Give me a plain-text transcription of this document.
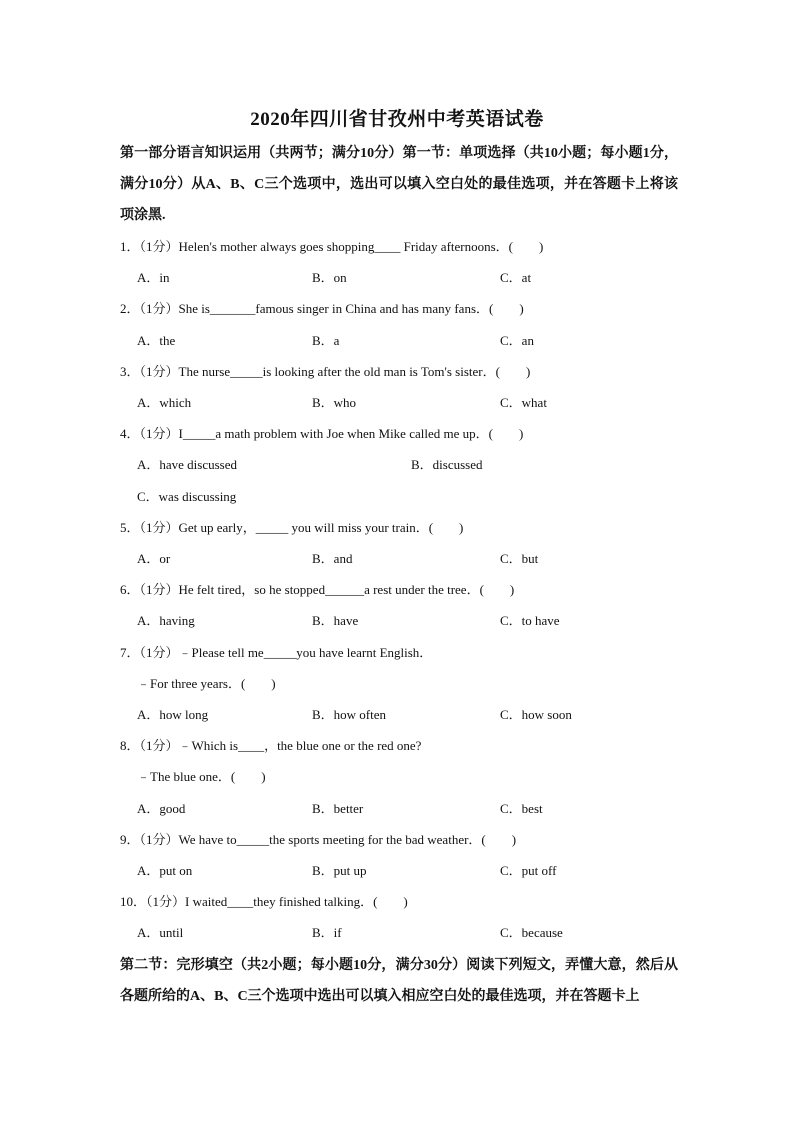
2020年四川省甘孜州中考英语试卷
第一部分语言知识运用（共两节；满分10分）第一节：单项选择（共10小题；每小题1分，满分10分）从A、B、C三个选项中，选出可以填入空白处的最佳选项，并在答题卡上将该项涂黑.
1．（1分）Helen's mother always goes shopping____ Friday afternoons．(　　)
A．in	B．on	C．at
2．（1分）She is_______famous singer in China and has many fans．(　　)
A．the	B．a	C．an
3．（1分）The nurse_____is looking after the old man is Tom's sister．(　　)
A．which	B．who	C．what
4．（1分）I_____a math problem with Joe when Mike called me up．(　　)
A．have discussed	B．discussed
C．was discussing
5．（1分）Get up early，_____ you will miss your train．(　　)
A．or	B．and	C．but
6．（1分）He felt tired，so he stopped______a rest under the tree．(　　)
A．having	B．have	C．to have
7．（1分）﹣Please tell me_____you have learnt English．
﹣For three years．(　　)
A．how long	B．how often	C．how soon
8．（1分）﹣Which is____，the blue one or the red one?
﹣The blue one．(　　)
A．good	B．better	C．best
9．（1分）We have to_____the sports meeting for the bad weather．(　　)
A．put on	B．put up	C．put off
10．（1分）I waited____they finished talking．(　　)
A．until	B．if	C．because
第二节：完形填空（共2小题；每小题10分，满分30分）阅读下列短文，弄懂大意，然后从各题所给的A、B、C三个选项中选出可以填入相应空白处的最佳选项，并在答题卡上
